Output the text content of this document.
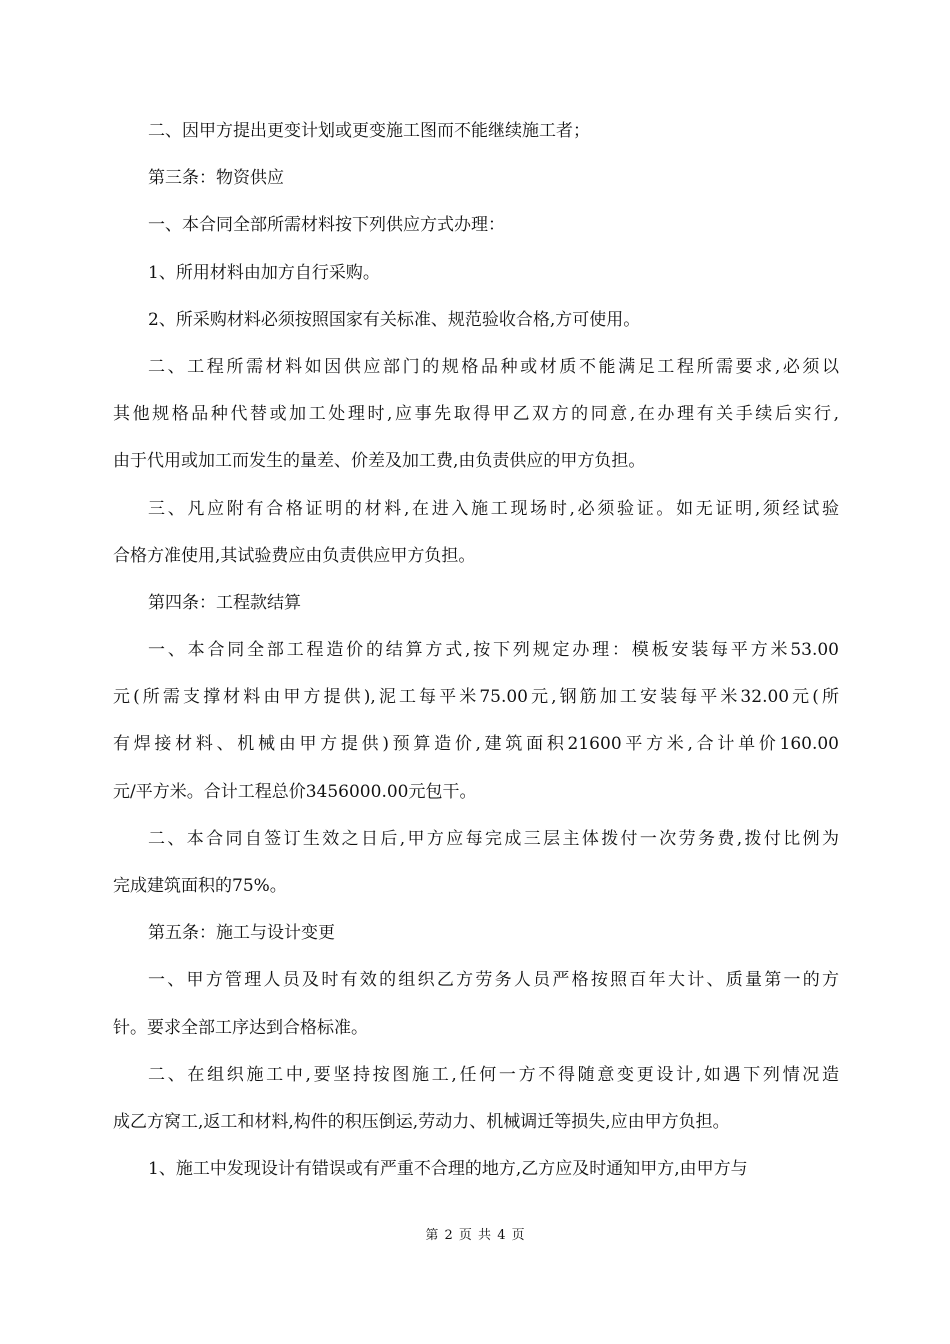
二、因甲方提出更变计划或更变施工图而不能继续施工者；
第三条：物资供应
一、本合同全部所需材料按下列供应方式办理：
1、所用材料由加方自行采购。
2、所采购材料必须按照国家有关标准、规范验收合格,方可使用。
二、工程所需材料如因供应部门的规格品种或材质不能满足工程所需要求,必须以
其他规格品种代替或加工处理时,应事先取得甲乙双方的同意,在办理有关手续后实行,
由于代用或加工而发生的量差、价差及加工费,由负责供应的甲方负担。
三、凡应附有合格证明的材料,在进入施工现场时,必须验证。如无证明,须经试验
合格方准使用,其试验费应由负责供应甲方负担。
第四条：工程款结算
一、本合同全部工程造价的结算方式,按下列规定办理：模板安装每平方米53.00
元(所需支撑材料由甲方提供),泥工每平米75.00元,钢筋加工安装每平米32.00元(所
有焊接材料、机械由甲方提供)预算造价,建筑面积21600平方米,合计单价160.00
元/平方米。合计工程总价3456000.00元包干。
二、本合同自签订生效之日后,甲方应每完成三层主体拨付一次劳务费,拨付比例为
完成建筑面积的75%。
第五条：施工与设计变更
一、甲方管理人员及时有效的组织乙方劳务人员严格按照百年大计、质量第一的方
针。要求全部工序达到合格标准。
二、在组织施工中,要坚持按图施工,任何一方不得随意变更设计,如遇下列情况造
成乙方窝工,返工和材料,构件的积压倒运,劳动力、机械调迁等损失,应由甲方负担。
1、施工中发现设计有错误或有严重不合理的地方,乙方应及时通知甲方,由甲方与
第 2 页 共 4 页
